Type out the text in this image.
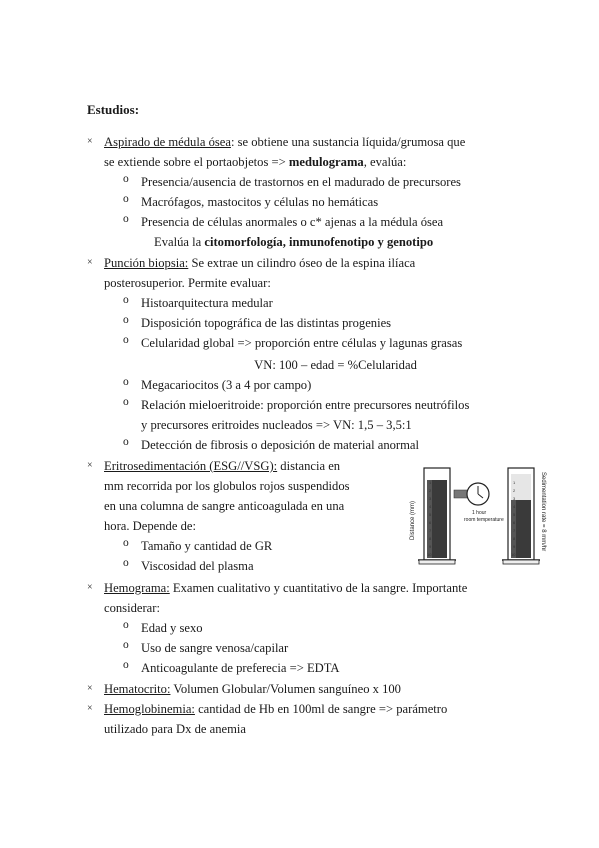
Estudios:
× Aspirado de médula ósea: se obtiene una sustancia líquida/grumosa que
se extiende sobre el portaobjetos => medulograma, evalúa:
o Presencia/ausencia de trastornos en el madurado de precursores
o Macrófagos, mastocitos y células no hemáticas
o Presencia de células anormales o c* ajenas a la médula ósea
Evalúa la citomorfología, inmunofenotipo y genotipo
× Punción biopsia: Se extrae un cilindro óseo de la espina ilíaca
posterosuperior. Permite evaluar:
o Histoarquitectura medular
o Disposición topográfica de las distintas progenies
o Celularidad global => proporción entre células y lagunas grasas
VN: 100 – edad = %Celularidad
o Megacariocitos (3 a 4 por campo)
o Relación mieloeritroide: proporción entre precursores neutrófilos
y precursores eritroides nucleados => VN: 1,5 – 3,5:1
o Detección de fibrosis o deposición de material anormal
× Eritrosedimentación (ESG//VSG): distancia en
mm recorrida por los globulos rojos suspendidos
en una columna de sangre anticoagulada en una
hora. Depende de:
o Tamaño y cantidad de GR
o Viscosidad del plasma
1
2
3
4
5
6
7
8
9
10
Distance (mm)	1 hour
room temperature
1
2
3
4
5
6
7
8
9
10
Sedimentation rate = 8 mm/hr
× Hemograma: Examen cualitativo y cuantitativo de la sangre. Importante
considerar:
o Edad y sexo
o Uso de sangre venosa/capilar
o Anticoagulante de preferecia => EDTA
× Hematocrito: Volumen Globular/Volumen sanguíneo x 100
× Hemoglobinemia: cantidad de Hb en 100ml de sangre => parámetro
utilizado para Dx de anemia
